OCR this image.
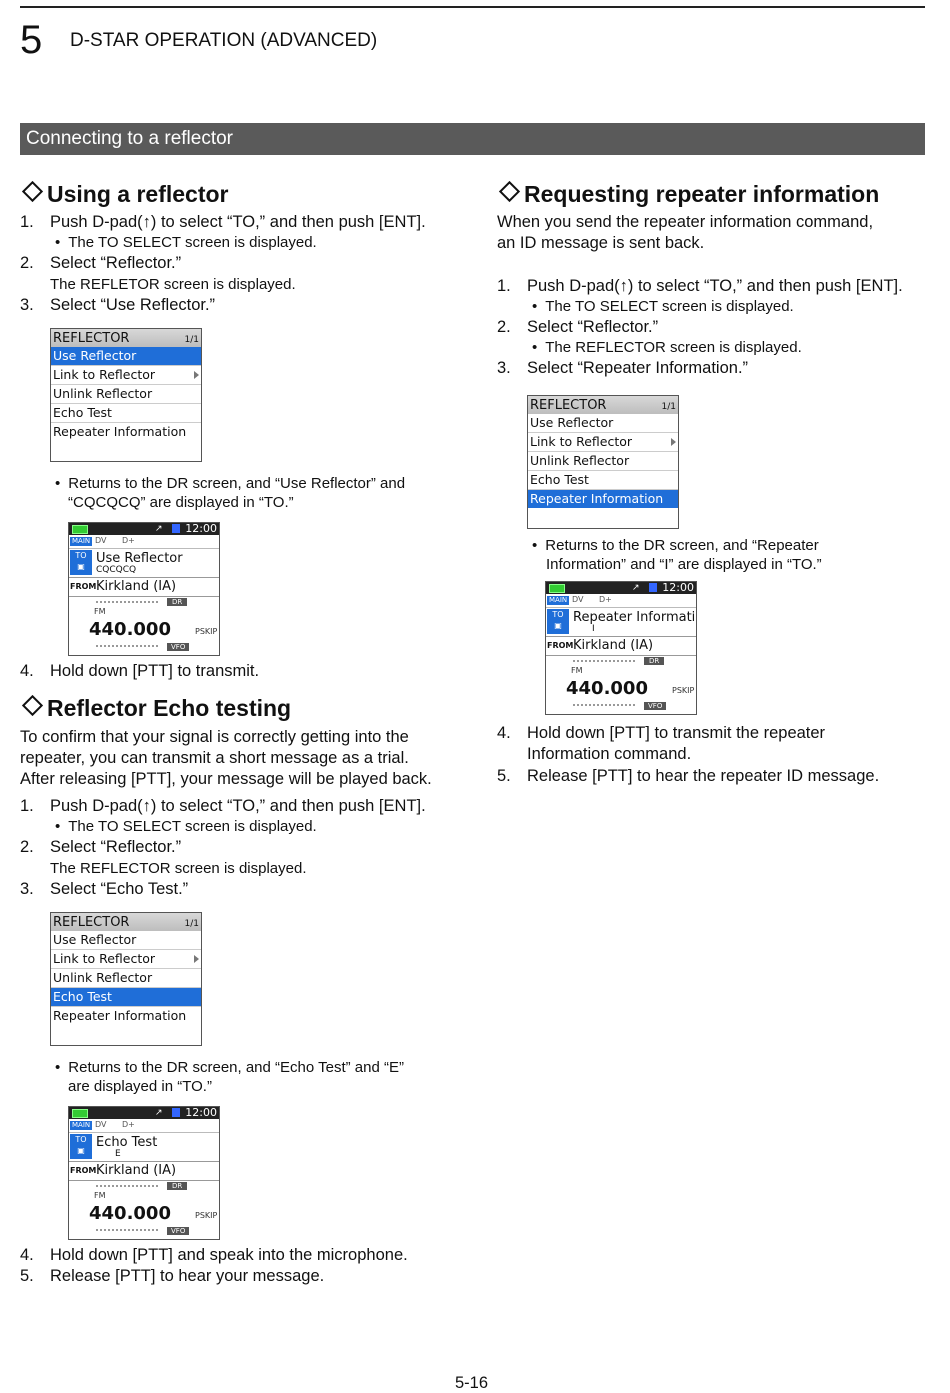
5 D-STAR OPERATION (ADVANCED)
Connecting to a reflector
Using a reflector
1. Push D-pad(↑) to select “TO,” and then push [ENT].
• The TO SELECT screen is displayed.
2. Select “Reflector.”
The REFLETOR screen is displayed.
3. Select “Use Reflector.”
REFLECTOR	1/1
Use Reflector
Link to Reflector
Unlink Reflector
Echo Test
Repeater Information
• Returns to the DR screen, and “Use Reflector” and
“CQCQCQ” are displayed in “TO.”
↗ 12:00
MAIN DV D+
TO
▣
Use Reflector
CQCQCQ
FROM Kirkland (IA)
DR
FM
440.000	PSKIP
VFO
4. Hold down [PTT] to transmit.
Reflector Echo testing
To confirm that your signal is correctly getting into the
repeater, you can transmit a short message as a trial.
After releasing [PTT], your message will be played back.
1. Push D-pad(↑) to select “TO,” and then push [ENT].
• The TO SELECT screen is displayed.
2. Select “Reflector.”
The REFLECTOR screen is displayed.
3. Select “Echo Test.”
REFLECTOR	1/1
Use Reflector
Link to Reflector
Unlink Reflector
Echo Test
Repeater Information
• Returns to the DR screen, and “Echo Test” and “E”
are displayed in “TO.”
↗ 12:00
MAIN DV D+
TO
▣
Echo Test
E
FROM Kirkland (IA)
DR
FM
440.000	PSKIP
VFO
4. Hold down [PTT] and speak into the microphone.
5. Release [PTT] to hear your message.
Requesting repeater information
When you send the repeater information command,
an ID message is sent back.
1. Push D-pad(↑) to select “TO,” and then push [ENT].
• The TO SELECT screen is displayed.
2. Select “Reflector.”
• The REFLECTOR screen is displayed.
3. Select “Repeater Information.”
REFLECTOR	1/1
Use Reflector
Link to Reflector
Unlink Reflector
Echo Test
Repeater Information
• Returns to the DR screen, and “Repeater
Information” and “I” are displayed in “TO.”
↗ 12:00
MAIN DV D+
TO
▣
Repeater Informati
I
FROM Kirkland (IA)
DR
FM
440.000	PSKIP
VFO
4. Hold down [PTT] to transmit the repeater
Information command.
5. Release [PTT] to hear the repeater ID message.
5-16
